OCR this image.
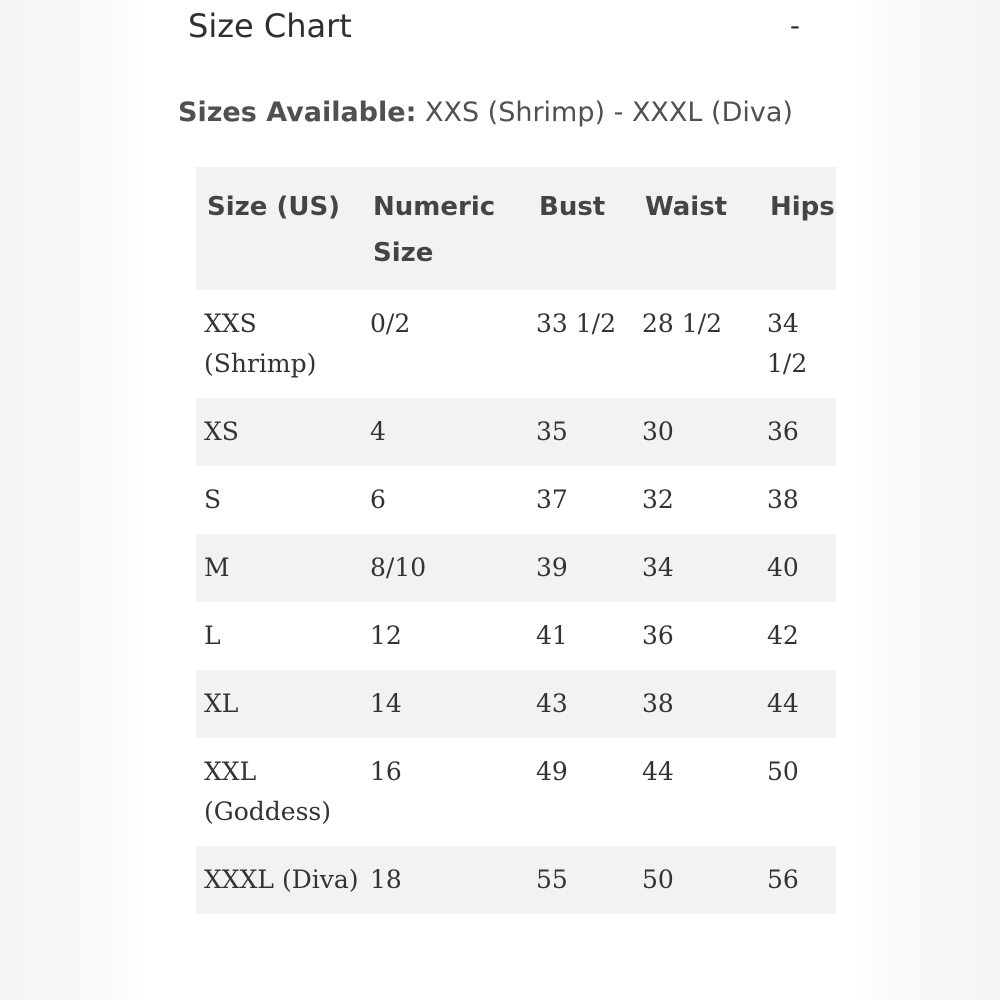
Size Chart	-
Sizes Available: XXS (Shrimp) - XXXL (Diva)
Size (US)	Numeric Size	Bust	Waist	Hips
XXS (Shrimp)	0/2	33 1/2	28 1/2	34 1/2
XS	4	35	30	36
S	6	37	32	38
M	8/10	39	34	40
L	12	41	36	42
XL	14	43	38	44
XXL (Goddess)	16	49	44	50
XXXL (Diva)	18	55	50	56
